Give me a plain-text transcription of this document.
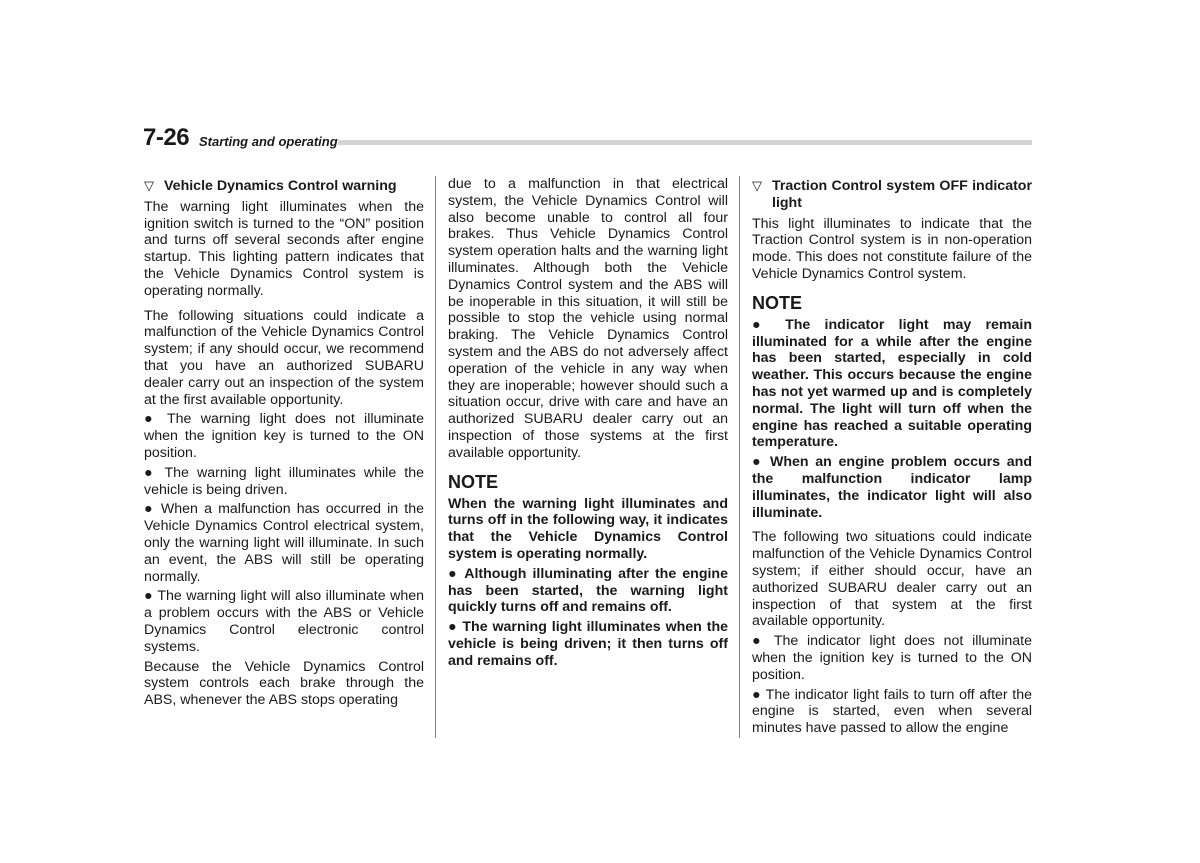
7-26 Starting and operating
▽ Vehicle Dynamics Control warning

The warning light illuminates when the ignition switch is turned to the “ON” position and turns off several seconds after engine startup. This lighting pattern indicates that the Vehicle Dynamics Control system is operating normally.

The following situations could indicate a malfunction of the Vehicle Dynamics Control system; if any should occur, we recommend that you have an authorized SUBARU dealer carry out an inspection of the system at the first available opportunity.

● The warning light does not illuminate when the ignition key is turned to the ON position.

● The warning light illuminates while the vehicle is being driven.

● When a malfunction has occurred in the Vehicle Dynamics Control electrical system, only the warning light will illuminate. In such an event, the ABS will still be operating normally.

● The warning light will also illuminate when a problem occurs with the ABS or Vehicle Dynamics Control electronic control systems.

Because the Vehicle Dynamics Control system controls each brake through the ABS, whenever the ABS stops operating

due to a malfunction in that electrical system, the Vehicle Dynamics Control will also become unable to control all four brakes. Thus Vehicle Dynamics Control system operation halts and the warning light illuminates. Although both the Vehicle Dynamics Control system and the ABS will be inoperable in this situation, it will still be possible to stop the vehicle using normal braking. The Vehicle Dynamics Control system and the ABS do not adversely affect operation of the vehicle in any way when they are inoperable; however should such a situation occur, drive with care and have an authorized SUBARU dealer carry out an inspection of those systems at the first available opportunity.

NOTE

When the warning light illuminates and turns off in the following way, it indicates that the Vehicle Dynamics Control system is operating normally.

● Although illuminating after the engine has been started, the warning light quickly turns off and remains off.

● The warning light illuminates when the vehicle is being driven; it then turns off and remains off.

▽ Traction Control system OFF indicator light

This light illuminates to indicate that the Traction Control system is in non-operation mode. This does not constitute failure of the Vehicle Dynamics Control system.

NOTE

● The indicator light may remain illuminated for a while after the engine has been started, especially in cold weather. This occurs because the engine has not yet warmed up and is completely normal. The light will turn off when the engine has reached a suitable operating temperature.

● When an engine problem occurs and the malfunction indicator lamp illuminates, the indicator light will also illuminate.

The following two situations could indicate malfunction of the Vehicle Dynamics Control system; if either should occur, have an authorized SUBARU dealer carry out an inspection of that system at the first available opportunity.

● The indicator light does not illuminate when the ignition key is turned to the ON position.

● The indicator light fails to turn off after the engine is started, even when several minutes have passed to allow the engine
